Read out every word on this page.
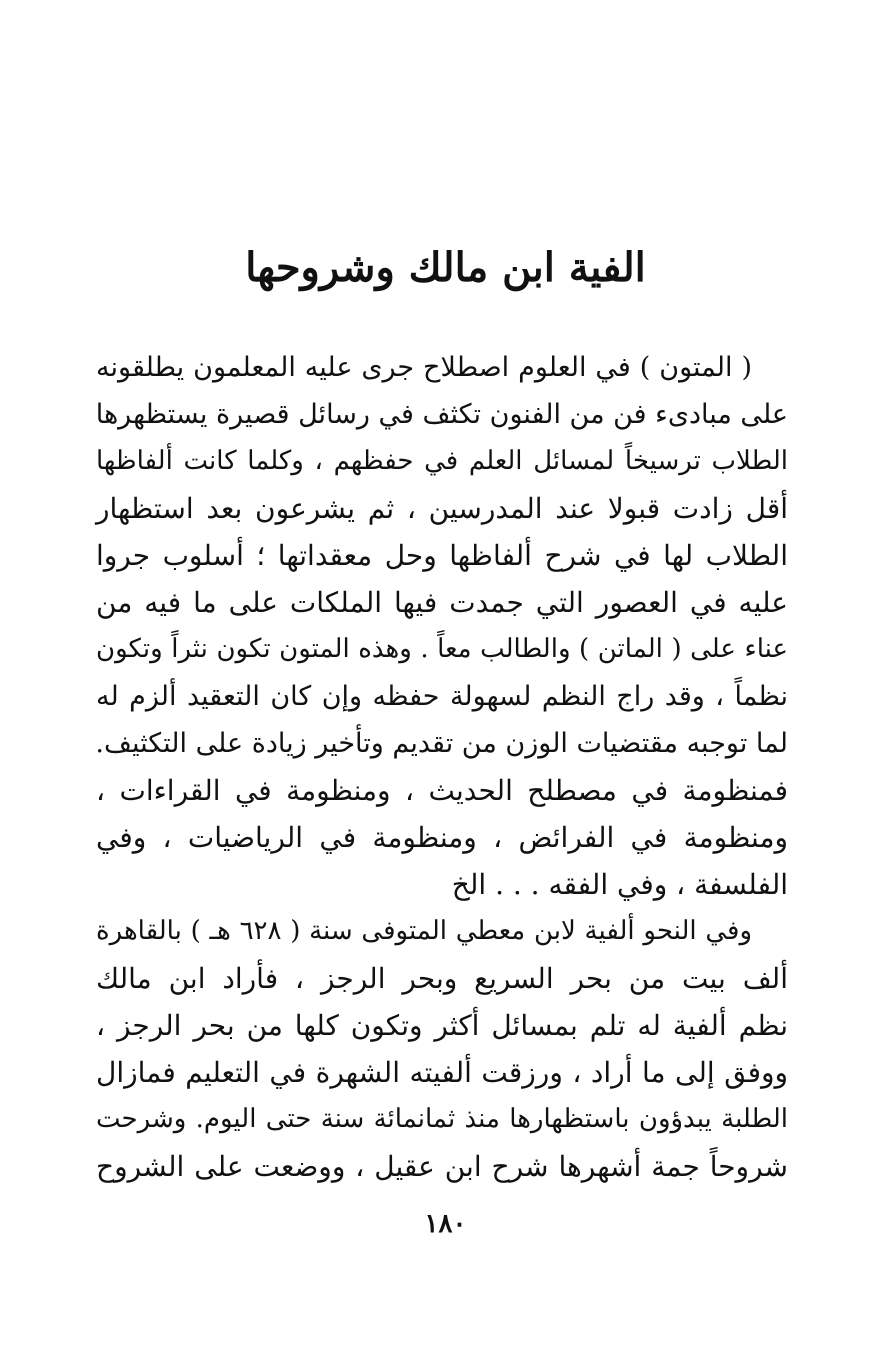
الفية ابن مالك وشروحها
( المتون ) في العلوم اصطلاح جرى عليه المعلمون يطلقونه
على مبادىء فن من الفنون تكثف في رسائل قصيرة يستظهرها
الطلاب ترسيخاً لمسائل العلم في حفظهم ، وكلما كانت ألفاظها
أقل زادت قبولا عند المدرسين ، ثم يشرعون بعد استظهار
الطلاب لها في شرح ألفاظها وحل معقداتها ؛ أسلوب جروا
عليه في العصور التي جمدت فيها الملكات على ما فيه من
عناء على ( الماتن ) والطالب معاً . وهذه المتون تكون نثراً وتكون
نظماً ، وقد راج النظم لسهولة حفظه وإن كان التعقيد ألزم له
لما توجبه مقتضيات الوزن من تقديم وتأخير زيادة على التكثيف.
فمنظومة في مصطلح الحديث ، ومنظومة في القراءات ،
ومنظومة في الفرائض ، ومنظومة في الرياضيات ، وفي
الفلسفة ، وفي الفقه . . . الخ
وفي النحو ألفية لابن معطي المتوفى سنة ( ٦٢٨ هـ ) بالقاهرة
ألف بيت من بحر السريع وبحر الرجز ، فأراد ابن مالك
نظم ألفية له تلم بمسائل أكثر وتكون كلها من بحر الرجز ،
ووفق إلى ما أراد ، ورزقت ألفيته الشهرة في التعليم فمازال
الطلبة يبدؤون باستظهارها منذ ثمانمائة سنة حتى اليوم. وشرحت
شروحاً جمة أشهرها شرح ابن عقيل ، ووضعت على الشروح
١٨٠
